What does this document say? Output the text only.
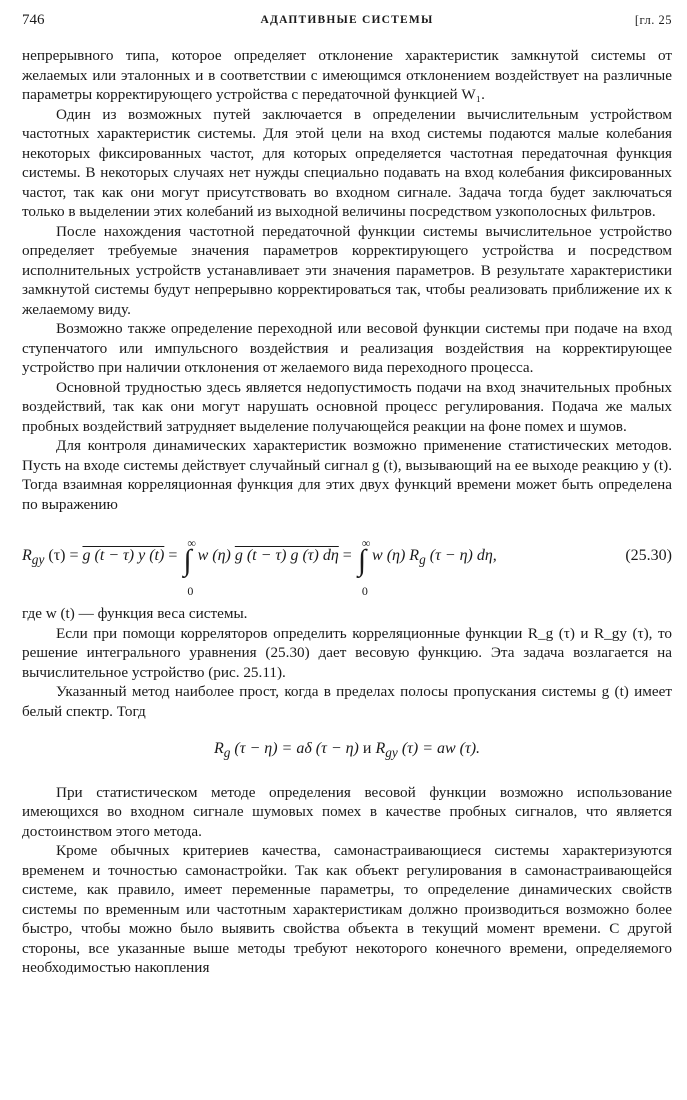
746	АДАПТИВНЫЕ СИСТЕМЫ	[гл. 25

непрерывного типа, которое определяет отклонение характеристик замкнутой системы от желаемых или эталонных и в соответствии с имеющимся отклонением воздействует на различные параметры корректирующего устройства с передаточной функцией W₁.

Один из возможных путей заключается в определении вычислительным устройством частотных характеристик системы. Для этой цели на вход системы подаются малые колебания некоторых фиксированных частот, для которых определяется частотная передаточная функция системы. В некоторых случаях нет нужды специально подавать на вход колебания фиксированных частот, так как они могут присутствовать во входном сигнале. Задача тогда будет заключаться только в выделении этих колебаний из выходной величины посредством узкополосных фильтров.

После нахождения частотной передаточной функции системы вычислительное устройство определяет требуемые значения параметров корректирующего устройства и посредством исполнительных устройств устанавливает эти значения параметров. В результате характеристики замкнутой системы будут непрерывно корректироваться так, чтобы реализовать приближение их к желаемому виду.

Возможно также определение переходной или весовой функции системы при подаче на вход ступенчатого или импульсного воздействия и реализация воздействия на корректирующее устройство при наличии отклонения от желаемого вида переходного процесса.

Основной трудностью здесь является недопустимость подачи на вход значительных пробных воздействий, так как они могут нарушать основной процесс регулирования. Подача же малых пробных воздействий затрудняет выделение получающейся реакции на фоне помех и шумов.

Для контроля динамических характеристик возможно применение статистических методов. Пусть на входе системы действует случайный сигнал g (t), вызывающий на ее выходе реакцию y (t). Тогда взаимная корреляционная функция для этих двух функций времени может быть определена по выражению

$R_{gy}$ (τ) = g (t − τ) y (t) = ∫
∞
0
w (η) g (t − τ) g (τ) dη = ∫
∞
0
w (η) $R_g$ (τ − η) dη,	(25.30)

где w (t) — функция веса системы.

Если при помощи корреляторов определить корреляционные функции R_g (τ) и R_gy (τ), то решение интегрального уравнения (25.30) дает весовую функцию. Эта задача возлагается на вычислительное устройство (рис. 25.11).

Указанный метод наиболее прост, когда в пределах полосы пропускания системы g (t) имеет белый спектр. Тогд

$R_g$ (τ − η) = aδ (τ − η) и $R_{gy}$ (τ) = aw (τ).

При статистическом методе определения весовой функции возможно использование имеющихся во входном сигнале шумовых помех в качестве пробных сигналов, что является достоинством этого метода.

Кроме обычных критериев качества, самонастраивающиеся системы характеризуются временем и точностью самонастройки. Так как объект регулирования в самонастраивающейся системе, как правило, имеет переменные параметры, то определение динамических свойств системы по временным или частотным характеристикам должно производиться возможно более быстро, чтобы можно было выявить свойства объекта в текущий момент времени. С другой стороны, все указанные выше методы требуют некоторого конечного времени, определяемого необходимостью накопления
